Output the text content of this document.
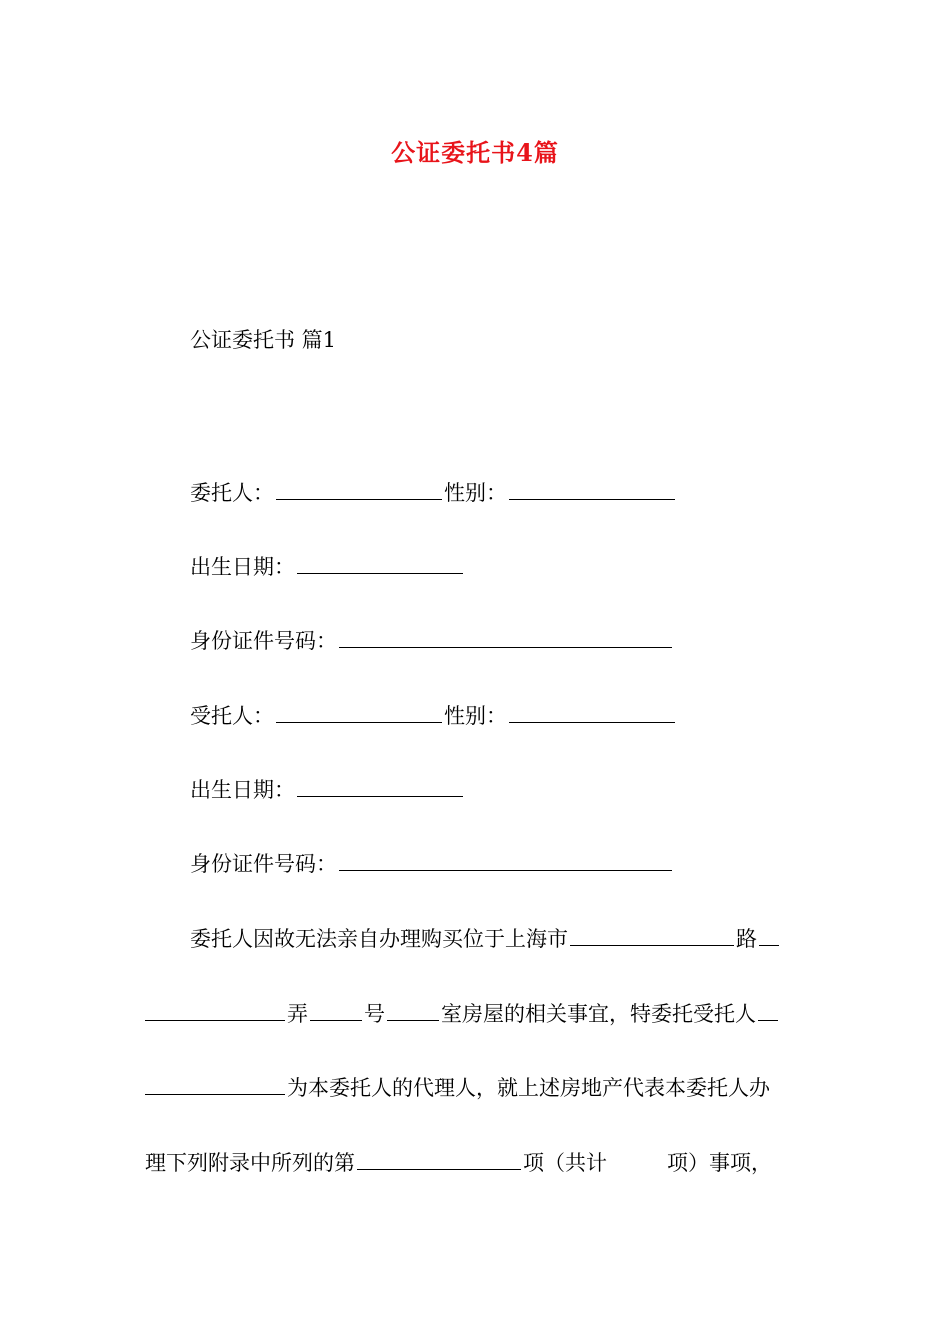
公证委托书4篇
公证委托书 篇1
委托人：	性别：
出生日期：
身份证件号码：
受托人：	性别：
出生日期：
身份证件号码：
委托人因故无法亲自办理购买位于上海市	路
弄	号	室房屋的相关事宜，特委托受托人
为本委托人的代理人，就上述房地产代表本委托人办
理下列附录中所列的第	项（共计	项）事项，
